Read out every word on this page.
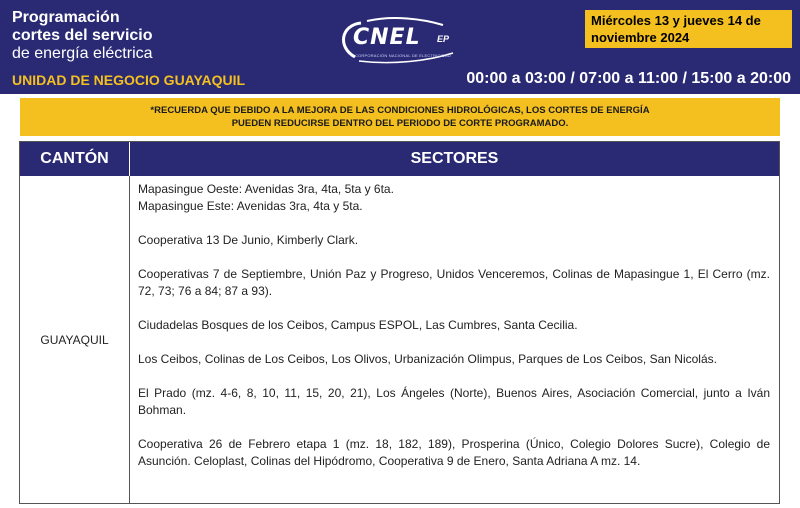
Programación
cortes del servicio
de energía eléctrica
UNIDAD DE NEGOCIO GUAYAQUIL
CNEL EP
CORPORACIÓN NACIONAL DE ELECTRICIDAD
Miércoles 13 y jueves 14 de noviembre 2024
00:00 a 03:00 / 07:00 a 11:00 / 15:00 a 20:00
*RECUERDA QUE DEBIDO A LA MEJORA DE LAS CONDICIONES HIDROLÓGICAS, LOS CORTES DE ENERGÍA
PUEDEN REDUCIRSE DENTRO DEL PERIODO DE CORTE PROGRAMADO.
CANTÓN	SECTORES
GUAYAQUIL

Mapasingue Oeste: Avenidas 3ra, 4ta, 5ta y 6ta.

Mapasingue Este: Avenidas 3ra, 4ta y 5ta.

Cooperativa 13 De Junio, Kimberly Clark.

Cooperativas 7 de Septiembre, Unión Paz y Progreso, Unidos Venceremos, Colinas de Mapasingue 1, El Cerro (mz. 72, 73; 76 a 84; 87 a 93).

Ciudadelas Bosques de los Ceibos, Campus ESPOL, Las Cumbres, Santa Cecilia.

Los Ceibos, Colinas de Los Ceibos, Los Olivos, Urbanización Olimpus, Parques de Los Ceibos, San Nicolás.

El Prado (mz. 4-6, 8, 10, 11, 15, 20, 21), Los Ángeles (Norte), Buenos Aires, Asociación Comercial, junto a Iván Bohman.

Cooperativa 26 de Febrero etapa 1 (mz. 18, 182, 189), Prosperina (Único, Colegio Dolores Sucre), Colegio de Asunción. Celoplast, Colinas del Hipódromo, Cooperativa 9 de Enero, Santa Adriana A mz. 14.
